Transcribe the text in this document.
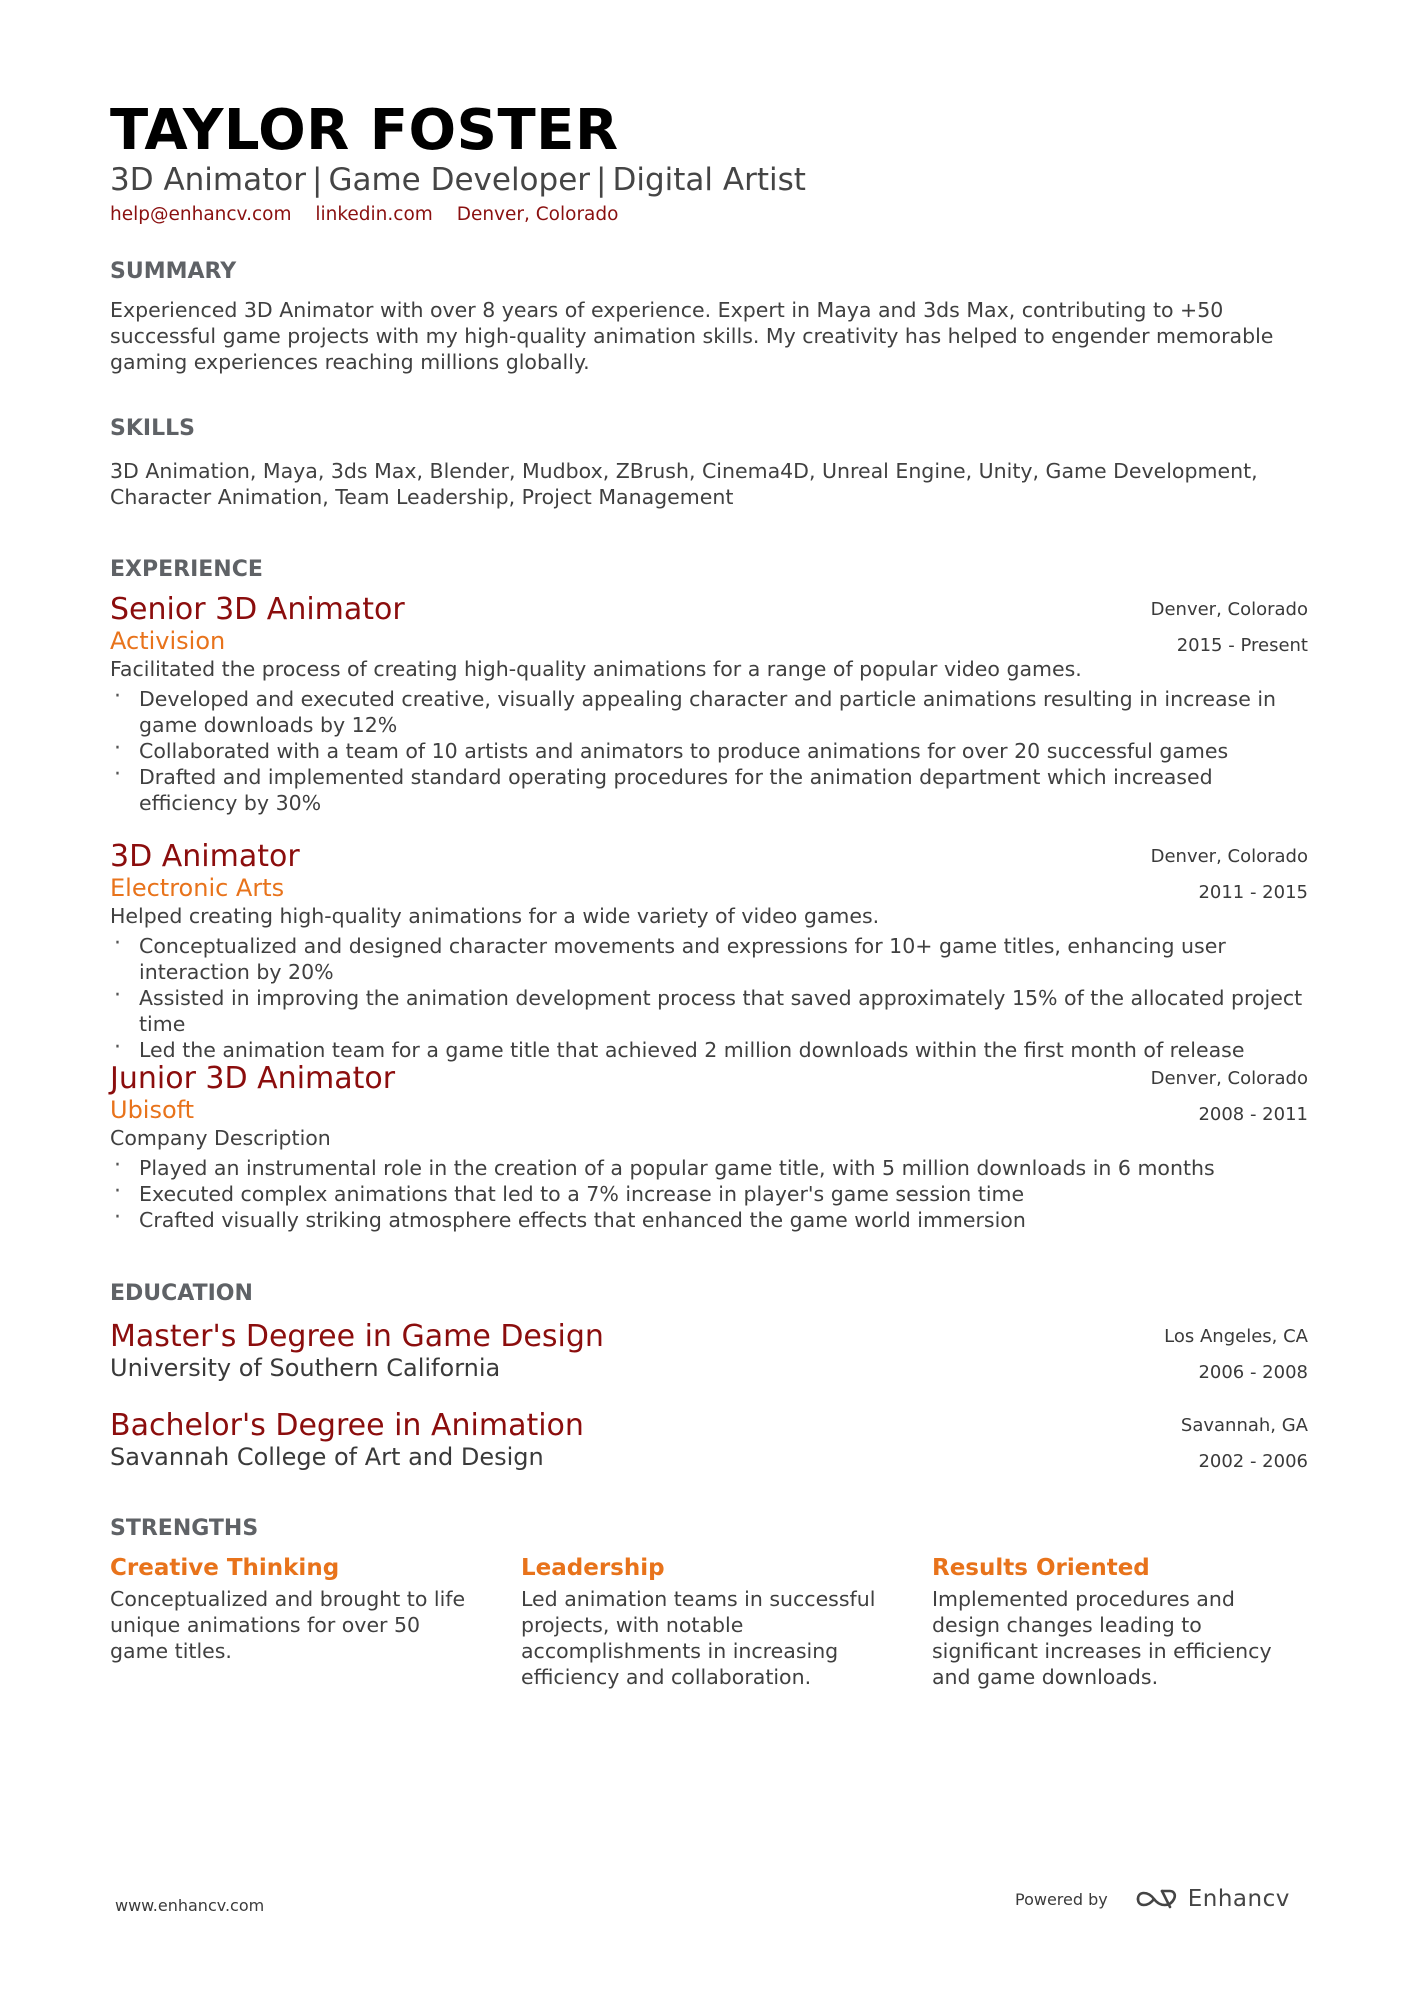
TAYLOR FOSTER
3D Animator | Game Developer | Digital Artist
help@enhancv.com linkedin.com Denver, Colorado
SUMMARY
Experienced 3D Animator with over 8 years of experience. Expert in Maya and 3ds Max, contributing to +50 successful game projects with my high-quality animation skills. My creativity has helped to engender memorable gaming experiences reaching millions globally.
SKILLS
3D Animation, Maya, 3ds Max, Blender, Mudbox, ZBrush, Cinema4D, Unreal Engine, Unity, Game Development, Character Animation, Team Leadership, Project Management
EXPERIENCE
Senior 3D Animator
Activision
Facilitated the process of creating high-quality animations for a range of popular video games.
· Developed and executed creative, visually appealing character and particle animations resulting in increase in game downloads by 12%
· Collaborated with a team of 10 artists and animators to produce animations for over 20 successful games
· Drafted and implemented standard operating procedures for the animation department which increased efficiency by 30%
Denver, Colorado
2015 - Present
3D Animator
Electronic Arts
Helped creating high-quality animations for a wide variety of video games.
· Conceptualized and designed character movements and expressions for 10+ game titles, enhancing user interaction by 20%
· Assisted in improving the animation development process that saved approximately 15% of the allocated project time
· Led the animation team for a game title that achieved 2 million downloads within the first month of release
Denver, Colorado
2011 - 2015
Junior 3D Animator
Ubisoft
Company Description
· Played an instrumental role in the creation of a popular game title, with 5 million downloads in 6 months
· Executed complex animations that led to a 7% increase in player's game session time
· Crafted visually striking atmosphere effects that enhanced the game world immersion
Denver, Colorado
2008 - 2011
EDUCATION
Master's Degree in Game Design
University of Southern California
Los Angeles, CA
2006 - 2008
Bachelor's Degree in Animation
Savannah College of Art and Design
Savannah, GA
2002 - 2006
STRENGTHS
Creative Thinking
Conceptualized and brought to life unique animations for over 50 game titles.
Leadership
Led animation teams in successful projects, with notable accomplishments in increasing efficiency and collaboration.
Results Oriented
Implemented procedures and design changes leading to significant increases in efficiency and game downloads.
www.enhancv.com	Powered by	Enhancv
